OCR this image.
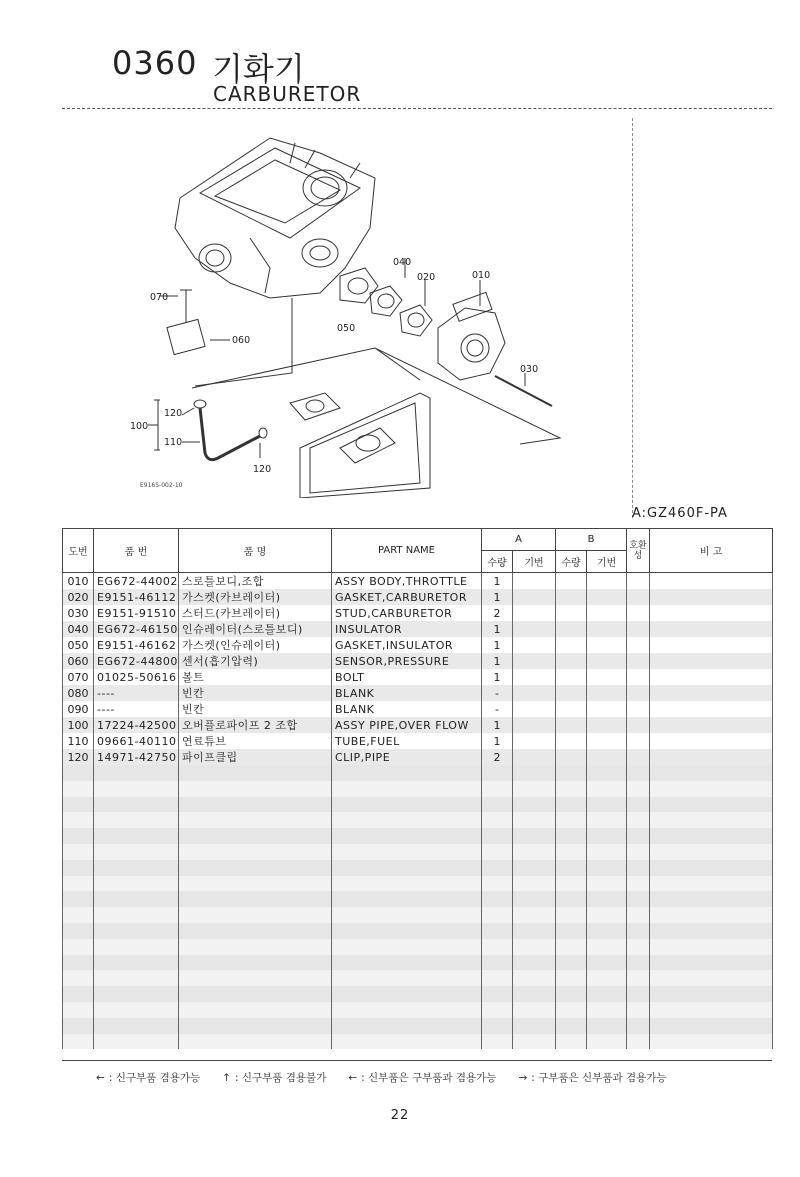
0360 기화기
CARBURETOR
070
060
040
020	010
050
030
120
100
110
120
E9165-002-10
A:GZ460F-PA
도번	품 번	품 명	PART NAME	A		B		호환성	비 고
				수량	기번	수량	기번		
010	EG672-44002	스로틀보디,조합	ASSY BODY,THROTTLE	1					
020	E9151-46112	가스켓(카브레이터)	GASKET,CARBURETOR	1					
030	E9151-91510	스터드(카브레이터)	STUD,CARBURETOR	2					
040	EG672-46150	인슈레이터(스로틀보디)	INSULATOR	1					
050	E9151-46162	가스켓(인슈레이터)	GASKET,INSULATOR	1					
060	EG672-44800	센서(흡기압력)	SENSOR,PRESSURE	1					
070	01025-50616	볼트	BOLT	1					
080	----	빈칸	BLANK	-					
090	----	빈칸	BLANK	-					
100	17224-42500	오버플로파이프 2 조합	ASSY PIPE,OVER FLOW	1					
110	09661-40110	연료튜브	TUBE,FUEL	1					
120	14971-42750	파이프클립	CLIP,PIPE	2					

← : 신구부품 겸용가능 ↑ : 신구부품 겸용불가 ← : 신부품은 구부품과 겸용가능 → : 구부품은 신부품과 겸용가능
22
